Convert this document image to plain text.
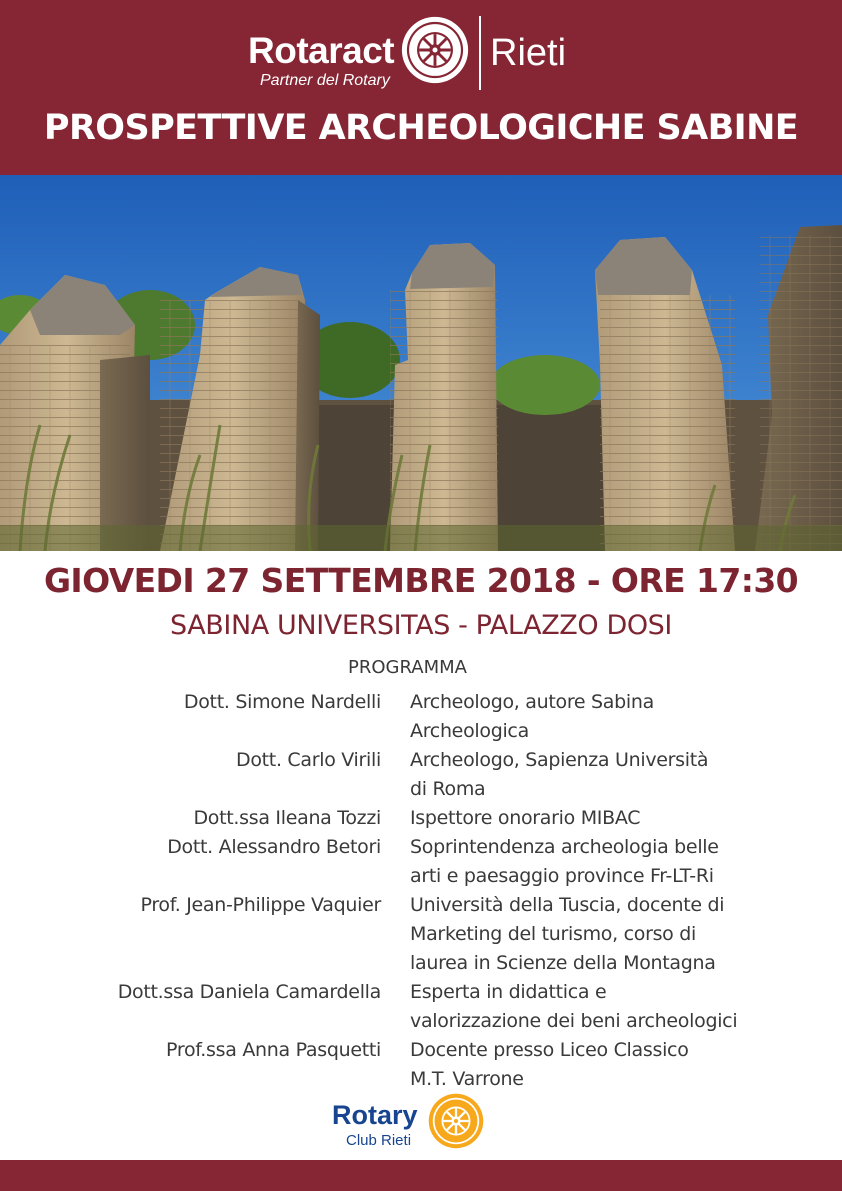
Rotaract
Partner del Rotary
Rieti
PROSPETTIVE ARCHEOLOGICHE SABINE
GIOVEDI 27 SETTEMBRE 2018 - ORE 17:30
SABINA UNIVERSITAS - PALAZZO DOSI
PROGRAMMA
Dott. Simone Nardelli Archeologo, autore Sabina
Archeologica
Dott. Carlo Virili Archeologo, Sapienza Università
di Roma
Dott.ssa Ileana Tozzi Ispettore onorario MIBAC
Dott. Alessandro Betori Soprintendenza archeologia belle
arti e paesaggio province Fr-LT-Ri
Prof. Jean-Philippe Vaquier Università della Tuscia, docente di
Marketing del turismo, corso di
laurea in Scienze della Montagna
Dott.ssa Daniela Camardella Esperta in didattica e
valorizzazione dei beni archeologici
Prof.ssa Anna Pasquetti Docente presso Liceo Classico
M.T. Varrone
Rotary
Club Rieti
